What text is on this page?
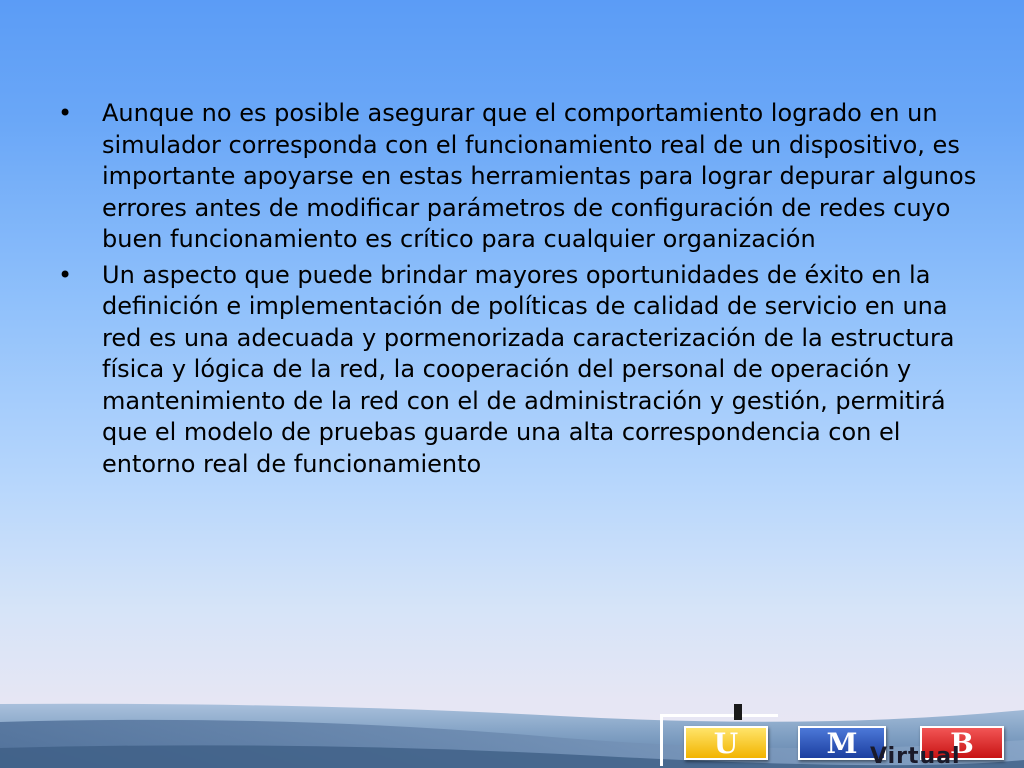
•	Aunque no es posible asegurar que el comportamiento logrado en un simulador corresponda con el funcionamiento real de un dispositivo, es importante apoyarse en estas herramientas para lograr depurar algunos errores antes de modificar parámetros de configuración de redes cuyo buen funcionamiento es crítico para cualquier organización
•	Un aspecto que puede brindar mayores oportunidades de éxito en la definición e implementación de políticas de calidad de servicio en una red es una adecuada y pormenorizada caracterización de la estructura física y lógica de la red, la cooperación del personal de operación y mantenimiento de la red con el de administración y gestión, permitirá que el modelo de pruebas guarde una alta correspondencia con el entorno real de funcionamiento
U	M	B
Virtual
